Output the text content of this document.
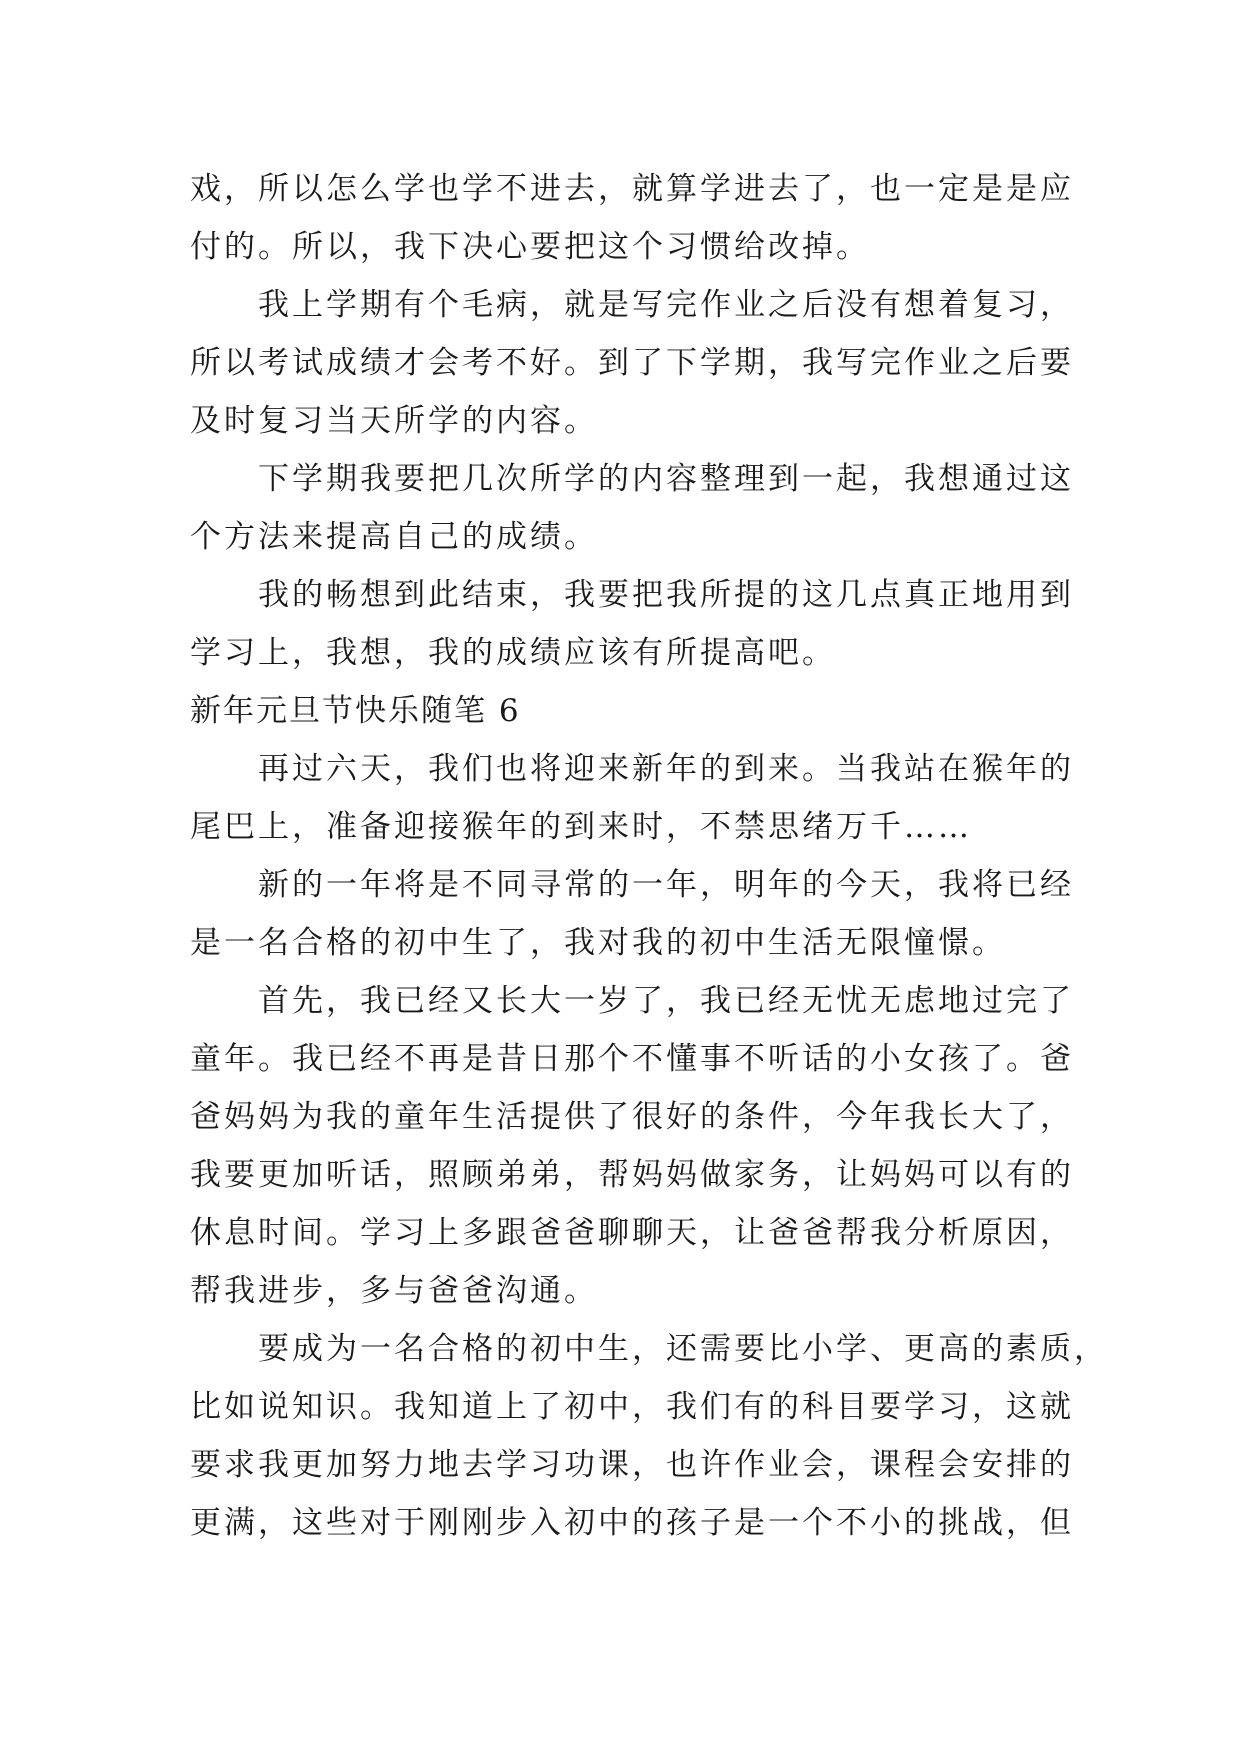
戏，所以怎么学也学不进去，就算学进去了，也一定是是应
付的。所以，我下决心要把这个习惯给改掉。
我上学期有个毛病，就是写完作业之后没有想着复习，
所以考试成绩才会考不好。到了下学期，我写完作业之后要
及时复习当天所学的内容。
下学期我要把几次所学的内容整理到一起，我想通过这
个方法来提高自己的成绩。
我的畅想到此结束，我要把我所提的这几点真正地用到
学习上，我想，我的成绩应该有所提高吧。
新年元旦节快乐随笔 6
再过六天，我们也将迎来新年的到来。当我站在猴年的
尾巴上，准备迎接猴年的到来时，不禁思绪万千……
新的一年将是不同寻常的一年，明年的今天，我将已经
是一名合格的初中生了，我对我的初中生活无限憧憬。
首先，我已经又长大一岁了，我已经无忧无虑地过完了
童年。我已经不再是昔日那个不懂事不听话的小女孩了。爸
爸妈妈为我的童年生活提供了很好的条件，今年我长大了，
我要更加听话，照顾弟弟，帮妈妈做家务，让妈妈可以有的
休息时间。学习上多跟爸爸聊聊天，让爸爸帮我分析原因，
帮我进步，多与爸爸沟通。
要成为一名合格的初中生，还需要比小学、更高的素质，
比如说知识。我知道上了初中，我们有的科目要学习，这就
要求我更加努力地去学习功课，也许作业会，课程会安排的
更满，这些对于刚刚步入初中的孩子是一个不小的挑战，但
